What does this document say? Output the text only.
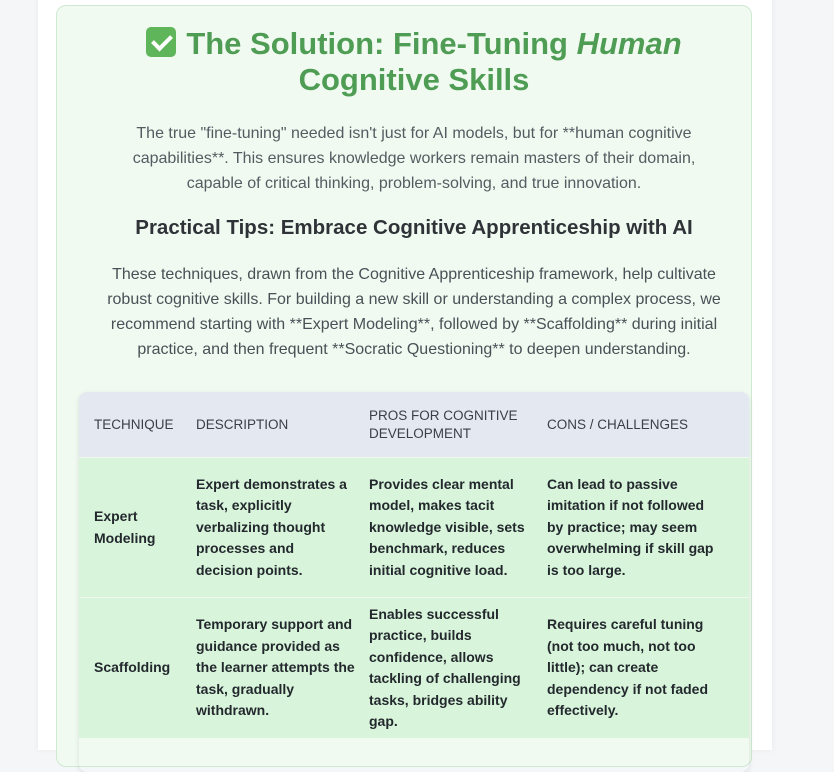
The Solution: Fine-Tuning Human
Cognitive Skills

The true "fine-tuning" needed isn't just for AI models, but for **human cognitive capabilities**. This ensures knowledge workers remain masters of their domain, capable of critical thinking, problem-solving, and true innovation.

Practical Tips: Embrace Cognitive Apprenticeship with AI

These techniques, drawn from the Cognitive Apprenticeship framework, help cultivate robust cognitive skills. For building a new skill or understanding a complex process, we recommend starting with **Expert Modeling**, followed by **Scaffolding** during initial practice, and then frequent **Socratic Questioning** to deepen understanding.

TECHNIQUE	DESCRIPTION	PROS FOR COGNITIVE DEVELOPMENT	CONS / CHALLENGES

Expert Modeling	Expert demonstrates a task, explicitly verbalizing thought processes and decision points.	Provides clear mental model, makes tacit knowledge visible, sets benchmark, reduces initial cognitive load.	Can lead to passive imitation if not followed by practice; may seem overwhelming if skill gap is too large.

Scaffolding	Temporary support and guidance provided as the learner attempts the task, gradually withdrawn.	Enables successful practice, builds confidence, allows tackling of challenging tasks, bridges ability gap.	Requires careful tuning (not too much, not too little); can create dependency if not faded effectively.
